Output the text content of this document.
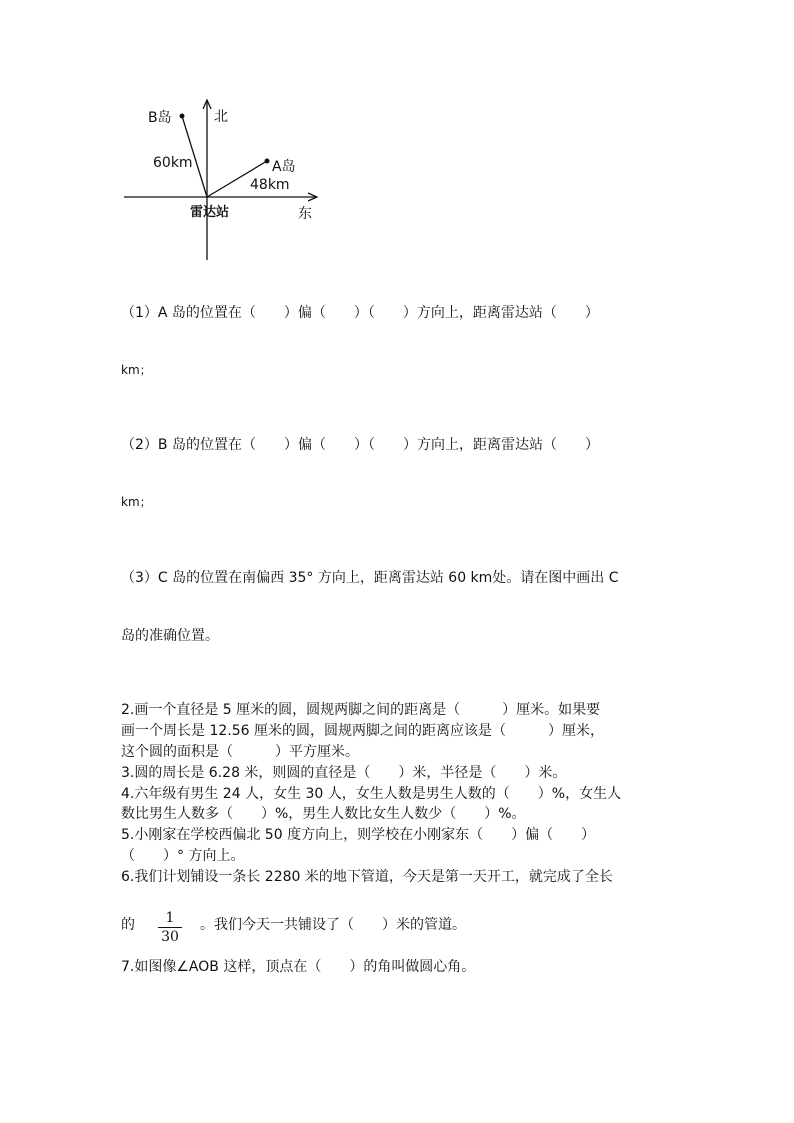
北
东
B岛
A岛
60km
48km
雷达站
（1）A 岛的位置在（　　）偏（　　）（　　）方向上，距离雷达站（　　）
km；
（2）B 岛的位置在（　　）偏（　　）（　　）方向上，距离雷达站（　　）
km；
（3）C 岛的位置在南偏西 35° 方向上，距离雷达站 60 km处。请在图中画出 C
岛的准确位置。
2.画一个直径是 5 厘米的圆，圆规两脚之间的距离是（　　　）厘米。如果要
画一个周长是 12.56 厘米的圆，圆规两脚之间的距离应该是（　　　）厘米，
这个圆的面积是（　　　）平方厘米。
3.圆的周长是 6.28 米，则圆的直径是（　　）米，半径是（　　）米。
4.六年级有男生 24 人，女生 30 人，女生人数是男生人数的（　　）%，女生人
数比男生人数多（　　）%，男生人数比女生人数少（　　）%。
5.小刚家在学校西偏北 50 度方向上，则学校在小刚家东（　　）偏（　　）
（　　）° 方向上。
6.我们计划铺设一条长 2280 米的地下管道，今天是第一天开工，就完成了全长
的	1
30
。我们今天一共铺设了（　　）米的管道。
7.如图像∠AOB 这样，顶点在（　　）的角叫做圆心角。
